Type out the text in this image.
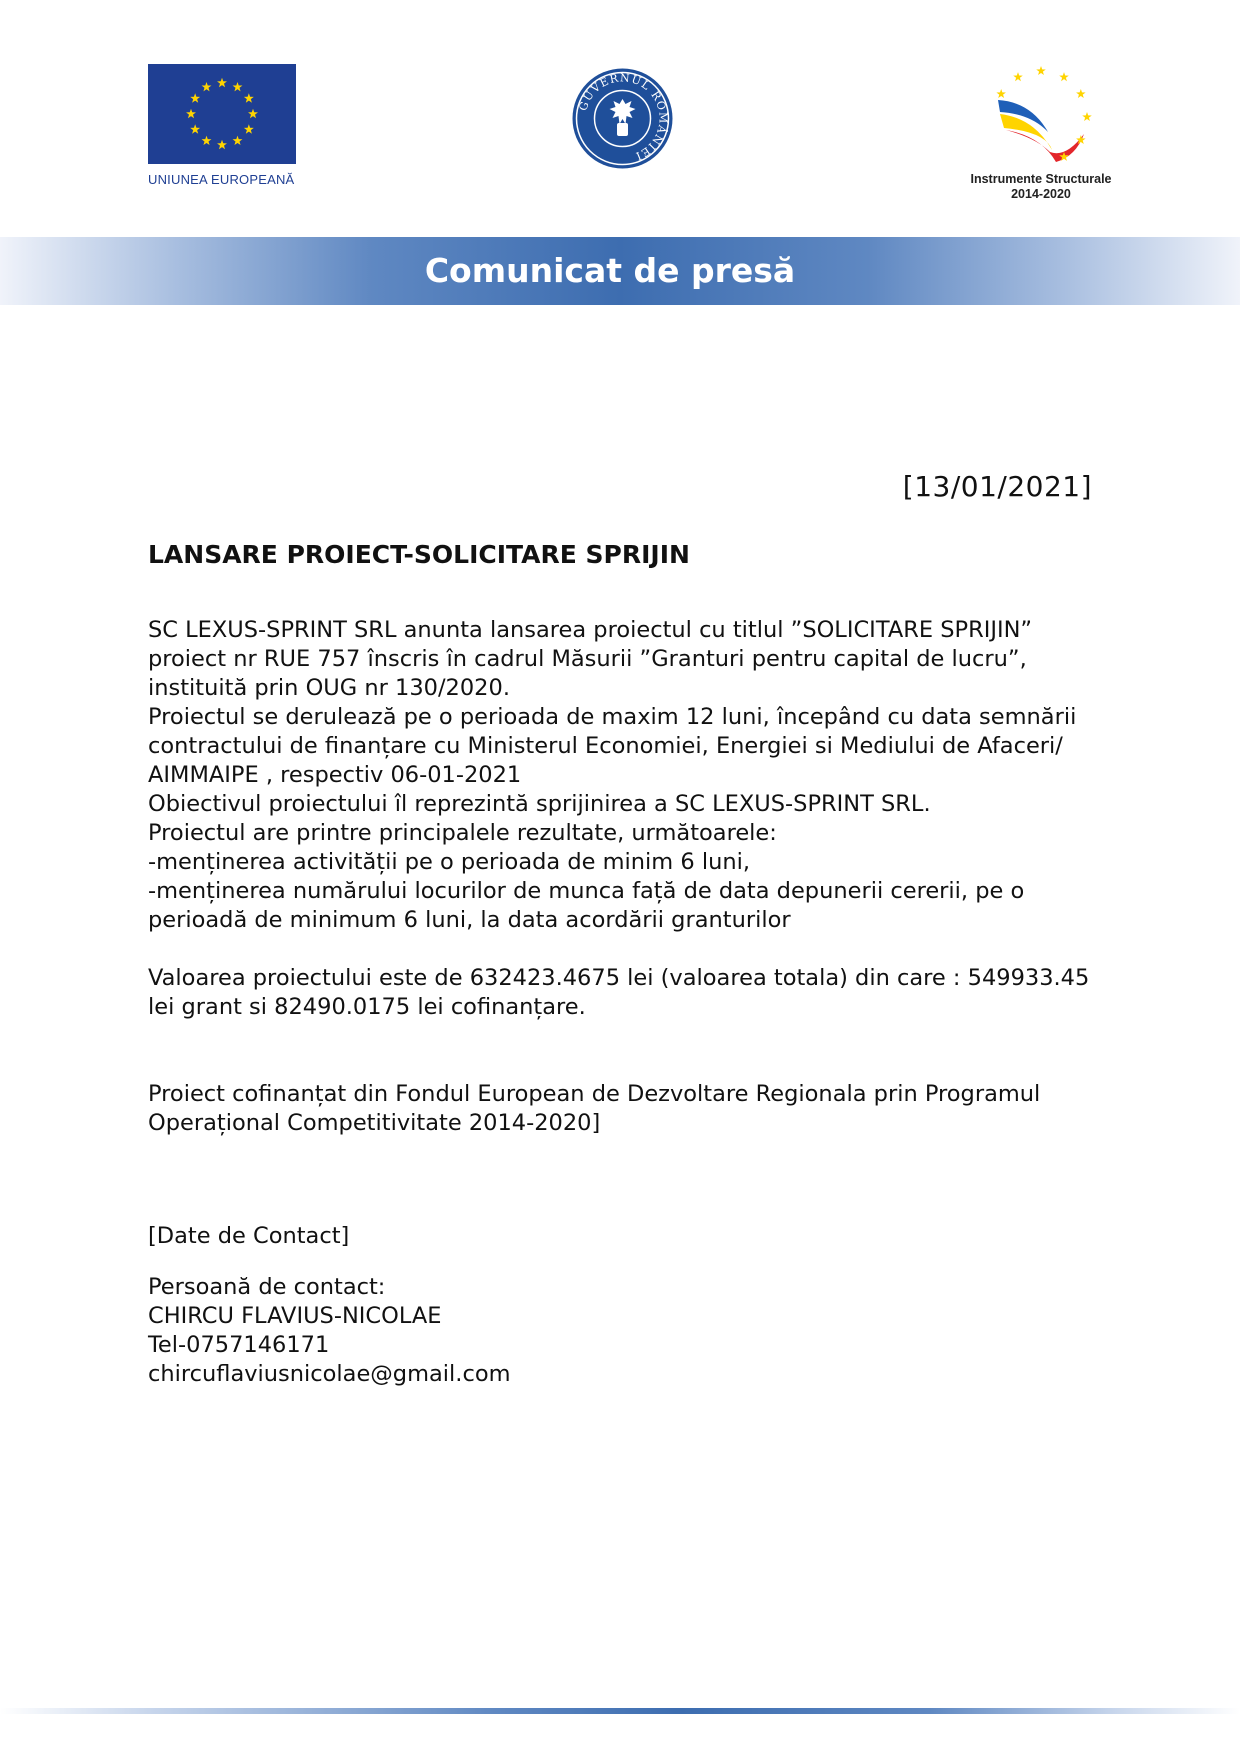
UNIUNEA EUROPEANĂ
GUVERNUL ROMÂNIEI
Instrumente Structurale
2014-2020
Comunicat de presă
[13/01/2021]
LANSARE PROIECT-SOLICITARE SPRIJIN

SC LEXUS-SPRINT SRL anunta lansarea proiectul cu titlul ”SOLICITARE SPRIJIN”

proiect nr RUE 757 înscris în cadrul Măsurii ”Granturi pentru capital de lucru”,

instituită prin OUG nr 130/2020.

Proiectul se derulează pe o perioada de maxim 12 luni, începând cu data semnării

contractului de finanțare cu Ministerul Economiei, Energiei si Mediului de Afaceri/

AIMMAIPE , respectiv 06-01-2021

Obiectivul proiectului îl reprezintă sprijinirea a SC LEXUS-SPRINT SRL.

Proiectul are printre principalele rezultate, următoarele:

-menținerea activității pe o perioada de minim 6 luni,

-menținerea numărului locurilor de munca față de data depunerii cererii, pe o

perioadă de minimum 6 luni, la data acordării granturilor

Valoarea proiectului este de 632423.4675 lei (valoarea totala) din care : 549933.45

lei grant si 82490.0175 lei cofinanțare.

Proiect cofinanțat din Fondul European de Dezvoltare Regionala prin Programul

Operațional Competitivitate 2014-2020]

[Date de Contact]

Persoană de contact:

CHIRCU FLAVIUS-NICOLAE

Tel-0757146171

chircuflaviusnicolae@gmail.com
